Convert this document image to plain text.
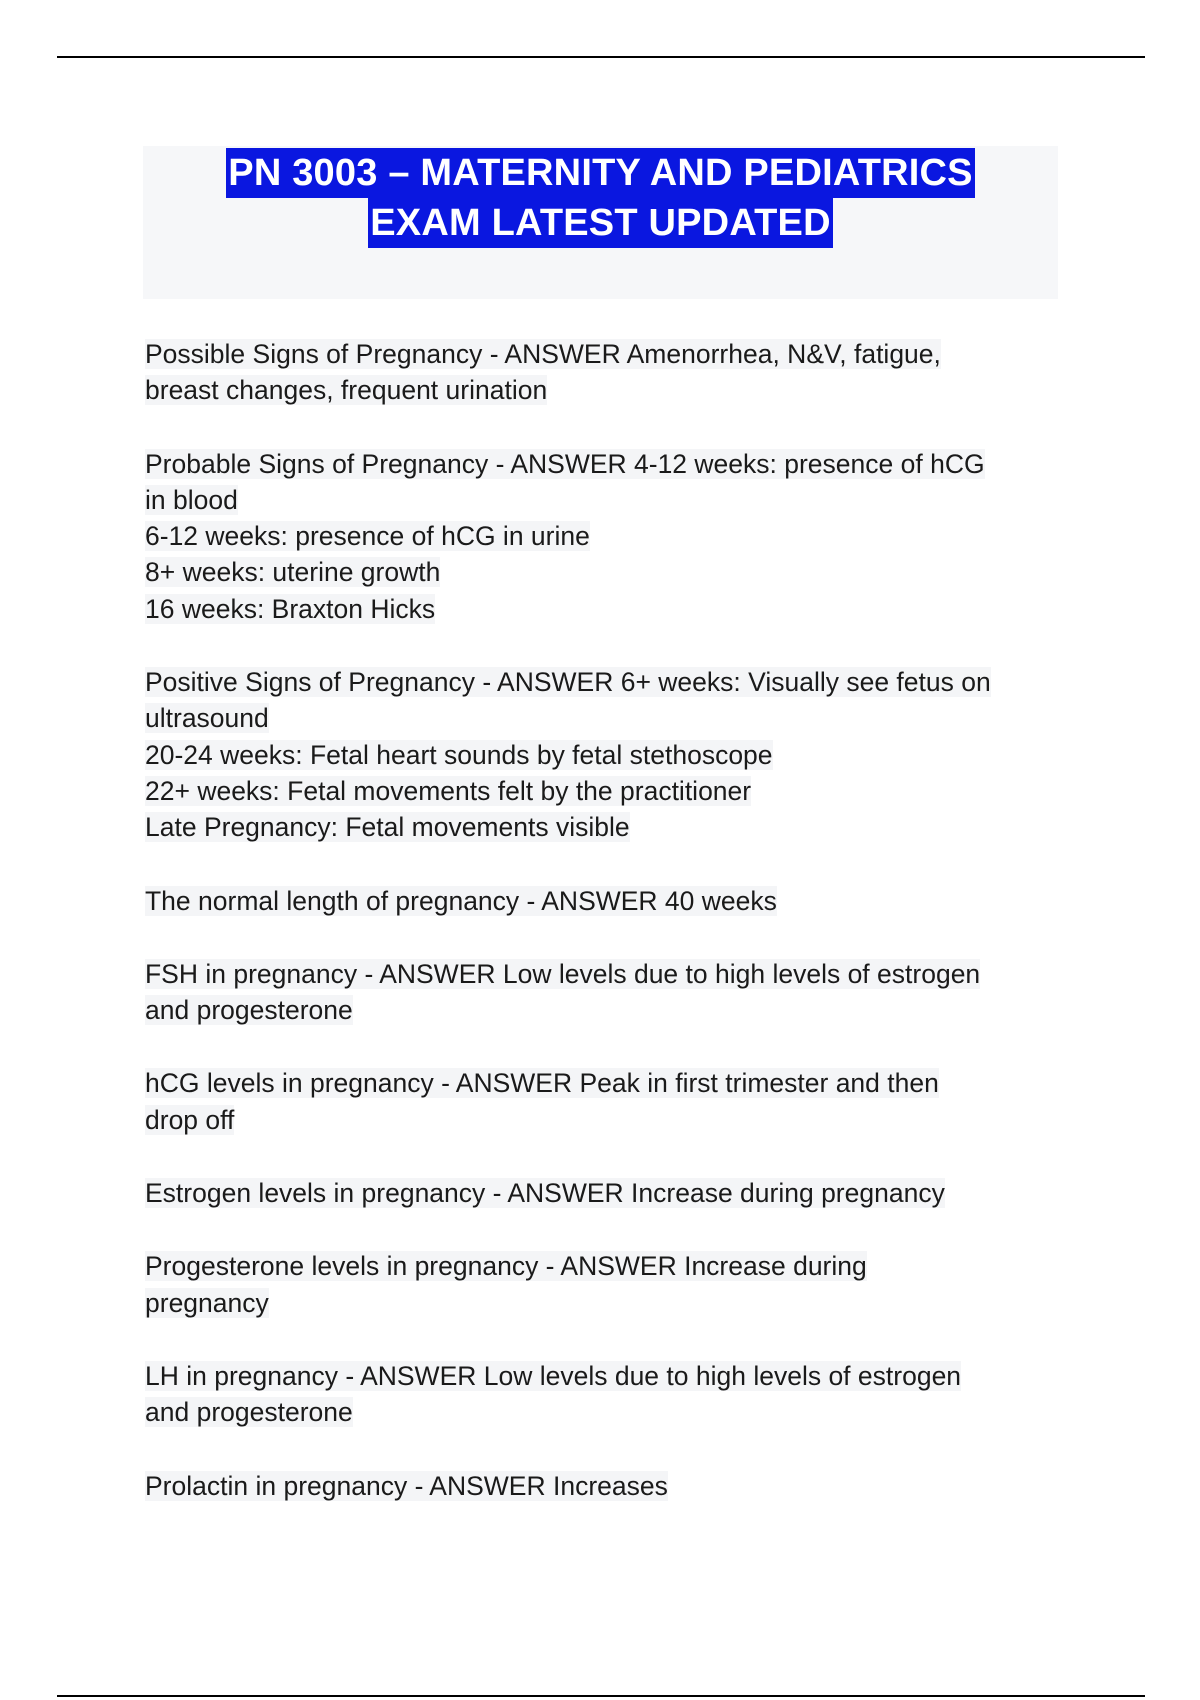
PN 3003 – MATERNITY AND PEDIATRICS
EXAM LATEST UPDATED
Possible Signs of Pregnancy - ANSWER Amenorrhea, N&V, fatigue,
breast changes, frequent urination
Probable Signs of Pregnancy - ANSWER 4-12 weeks: presence of hCG
in blood
6-12 weeks: presence of hCG in urine
8+ weeks: uterine growth
16 weeks: Braxton Hicks
Positive Signs of Pregnancy - ANSWER 6+ weeks: Visually see fetus on
ultrasound
20-24 weeks: Fetal heart sounds by fetal stethoscope
22+ weeks: Fetal movements felt by the practitioner
Late Pregnancy: Fetal movements visible
The normal length of pregnancy - ANSWER 40 weeks
FSH in pregnancy - ANSWER Low levels due to high levels of estrogen
and progesterone
hCG levels in pregnancy - ANSWER Peak in first trimester and then
drop off
Estrogen levels in pregnancy - ANSWER Increase during pregnancy
Progesterone levels in pregnancy - ANSWER Increase during
pregnancy
LH in pregnancy - ANSWER Low levels due to high levels of estrogen
and progesterone
Prolactin in pregnancy - ANSWER Increases
